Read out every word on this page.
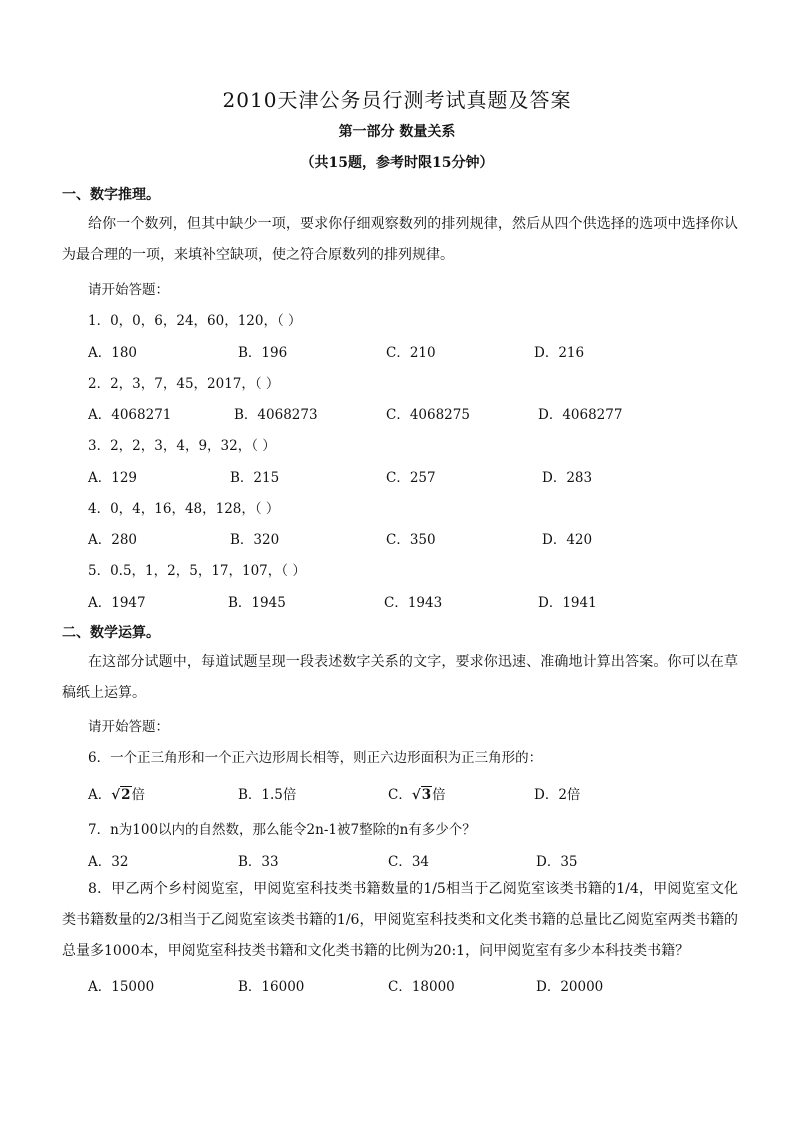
2010天津公务员行测考试真题及答案
第一部分 数量关系
（共15题，参考时限15分钟）
一、数字推理。
给你一个数列，但其中缺少一项，要求你仔细观察数列的排列规律，然后从四个供选择的选项中选择你认为最合理的一项，来填补空缺项，使之符合原数列的排列规律。
请开始答题：
1．0，0，6，24，60，120，（ ）
A．180	B．196	C．210	D．216
2．2，3，7，45，2017，（ ）
A．4068271	B．4068273	C．4068275	D．4068277
3．2，2，3，4，9，32，（ ）
A．129	B．215	C．257	D．283
4．0，4，16，48，128，（ ）
A．280	B．320	C．350	D．420
5．0.5，1，2，5，17，107，（ ）
A．1947	B．1945	C．1943	D．1941
二、数学运算。
在这部分试题中，每道试题呈现一段表述数字关系的文字，要求你迅速、准确地计算出答案。你可以在草稿纸上运算。
请开始答题：
6．一个正三角形和一个正六边形周长相等，则正六边形面积为正三角形的：
A．√2倍	B．1.5倍	C．√3倍	D．2倍
7．n为100以内的自然数，那么能令2n-1被7整除的n有多少个？
A．32	B．33	C．34	D．35
8．甲乙两个乡村阅览室，甲阅览室科技类书籍数量的1/5相当于乙阅览室该类书籍的1/4，甲阅览室文化类书籍数量的2/3相当于乙阅览室该类书籍的1/6，甲阅览室科技类和文化类书籍的总量比乙阅览室两类书籍的总量多1000本，甲阅览室科技类书籍和文化类书籍的比例为20:1，问甲阅览室有多少本科技类书籍？
A．15000	B．16000	C．18000	D．20000
